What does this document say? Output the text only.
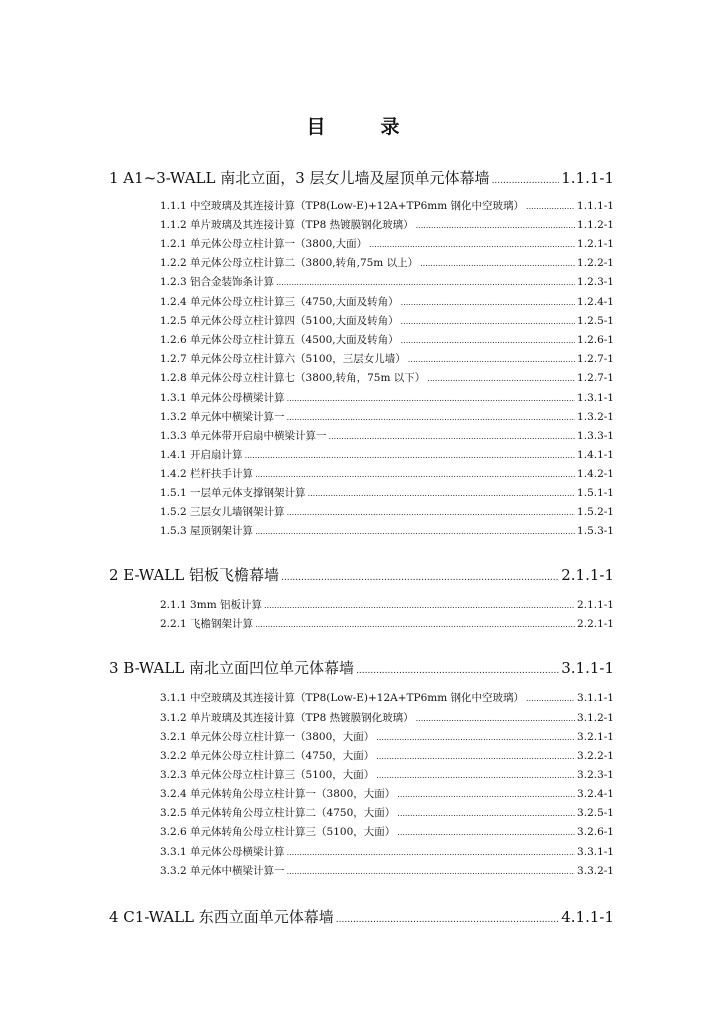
目　录
1 A1~3-WALL 南北立面，3 层女儿墙及屋顶单元体幕墙 .....	1.1.1-1
1.1.1 中空玻璃及其连接计算（TP8(Low-E)+12A+TP6mm 钢化中空玻璃） .....	1.1.1-1
1.1.2 单片玻璃及其连接计算（TP8 热镀膜钢化玻璃） .....	1.1.2-1
1.2.1 单元体公母立柱计算一（3800,大面） .....	1.2.1-1
1.2.2 单元体公母立柱计算二（3800,转角,75m 以上） .....	1.2.2-1
1.2.3 铝合金装饰条计算 .....	1.2.3-1
1.2.4 单元体公母立柱计算三（4750,大面及转角） .....	1.2.4-1
1.2.5 单元体公母立柱计算四（5100,大面及转角） .....	1.2.5-1
1.2.6 单元体公母立柱计算五（4500,大面及转角） .....	1.2.6-1
1.2.7 单元体公母立柱计算六（5100，三层女儿墙） .....	1.2.7-1
1.2.8 单元体公母立柱计算七（3800,转角，75m 以下） .....	1.2.7-1
1.3.1 单元体公母横梁计算 .....	1.3.1-1
1.3.2 单元体中横梁计算一 .....	1.3.2-1
1.3.3 单元体带开启扇中横梁计算一 .....	1.3.3-1
1.4.1 开启扇计算 .....	1.4.1-1
1.4.2 栏杆扶手计算 .....	1.4.2-1
1.5.1 一层单元体支撑钢架计算 .....	1.5.1-1
1.5.2 三层女儿墙钢架计算 .....	1.5.2-1
1.5.3 屋顶钢架计算 .....	1.5.3-1
2 E-WALL 铝板飞檐幕墙 .....	2.1.1-1
2.1.1 3mm 铝板计算 .....	2.1.1-1
2.2.1 飞檐钢架计算 .....	2.2.1-1
3 B-WALL 南北立面凹位单元体幕墙 .....	3.1.1-1
3.1.1 中空玻璃及其连接计算（TP8(Low-E)+12A+TP6mm 钢化中空玻璃） .....	3.1.1-1
3.1.2 单片玻璃及其连接计算（TP8 热镀膜钢化玻璃） .....	3.1.2-1
3.2.1 单元体公母立柱计算一（3800，大面） .....	3.2.1-1
3.2.2 单元体公母立柱计算二（4750，大面） .....	3.2.2-1
3.2.3 单元体公母立柱计算三（5100，大面） .....	3.2.3-1
3.2.4 单元体转角公母立柱计算一（3800，大面） .....	3.2.4-1
3.2.5 单元体转角公母立柱计算二（4750，大面） .....	3.2.5-1
3.2.6 单元体转角公母立柱计算三（5100，大面） .....	3.2.6-1
3.3.1 单元体公母横梁计算 .....	3.3.1-1
3.3.2 单元体中横梁计算一 .....	3.3.2-1
4 C1-WALL 东西立面单元体幕墙 .....	4.1.1-1
